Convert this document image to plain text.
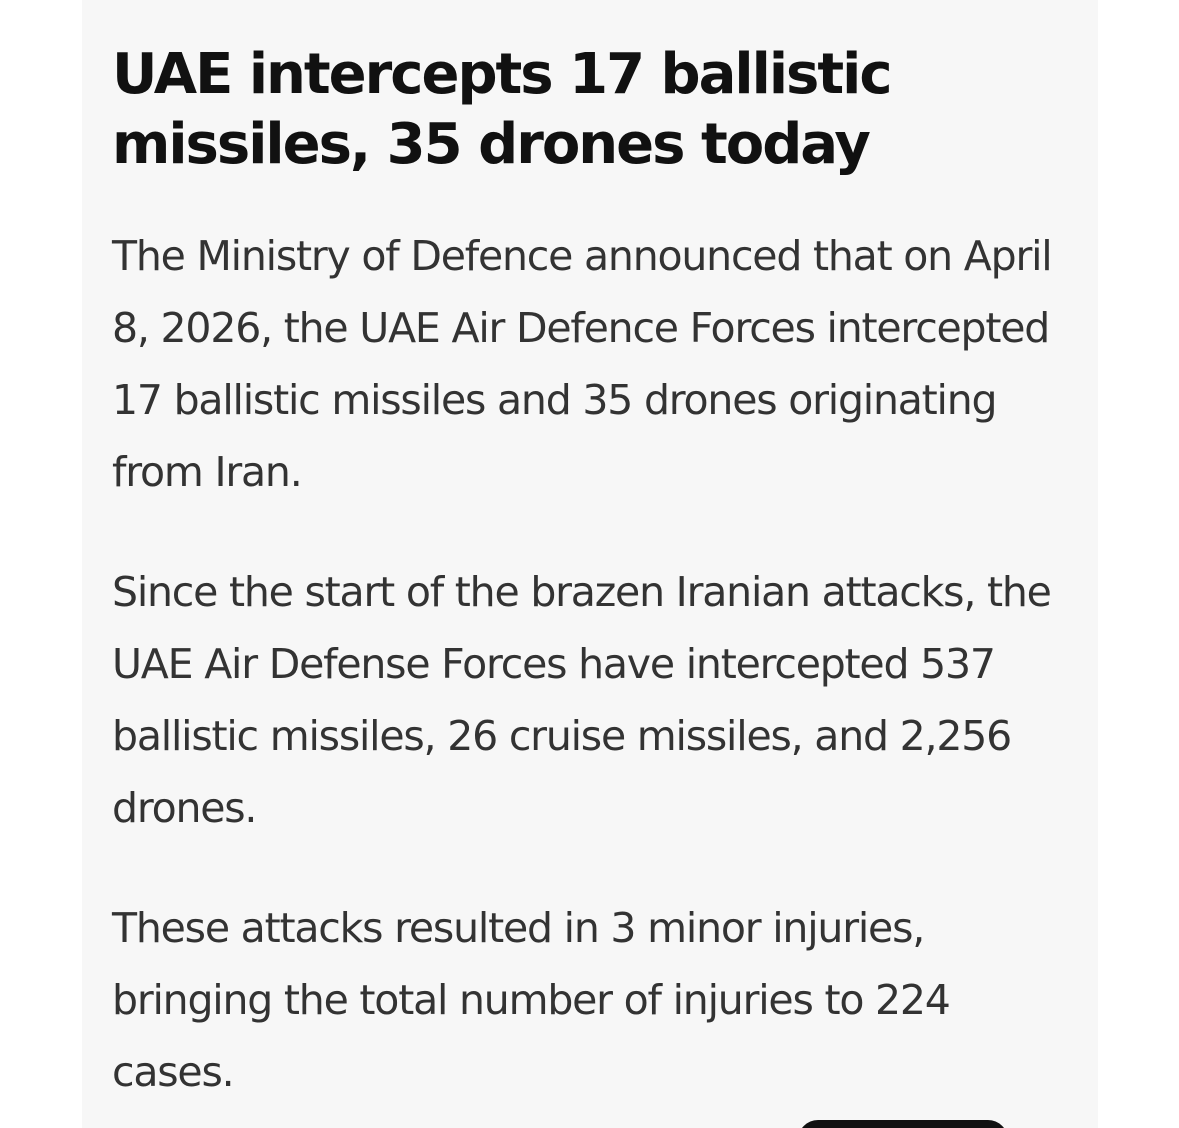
UAE intercepts 17 ballistic missiles, 35 drones today

The Ministry of Defence announced that on April 8, 2026, the UAE Air Defence Forces intercepted 17 ballistic missiles and 35 drones originating from Iran.

Since the start of the brazen Iranian attacks, the UAE Air Defense Forces have intercepted 537 ballistic missiles, 26 cruise missiles, and 2,256 drones.

These attacks resulted in 3 minor injuries, bringing the total number of injuries to 224 cases.
